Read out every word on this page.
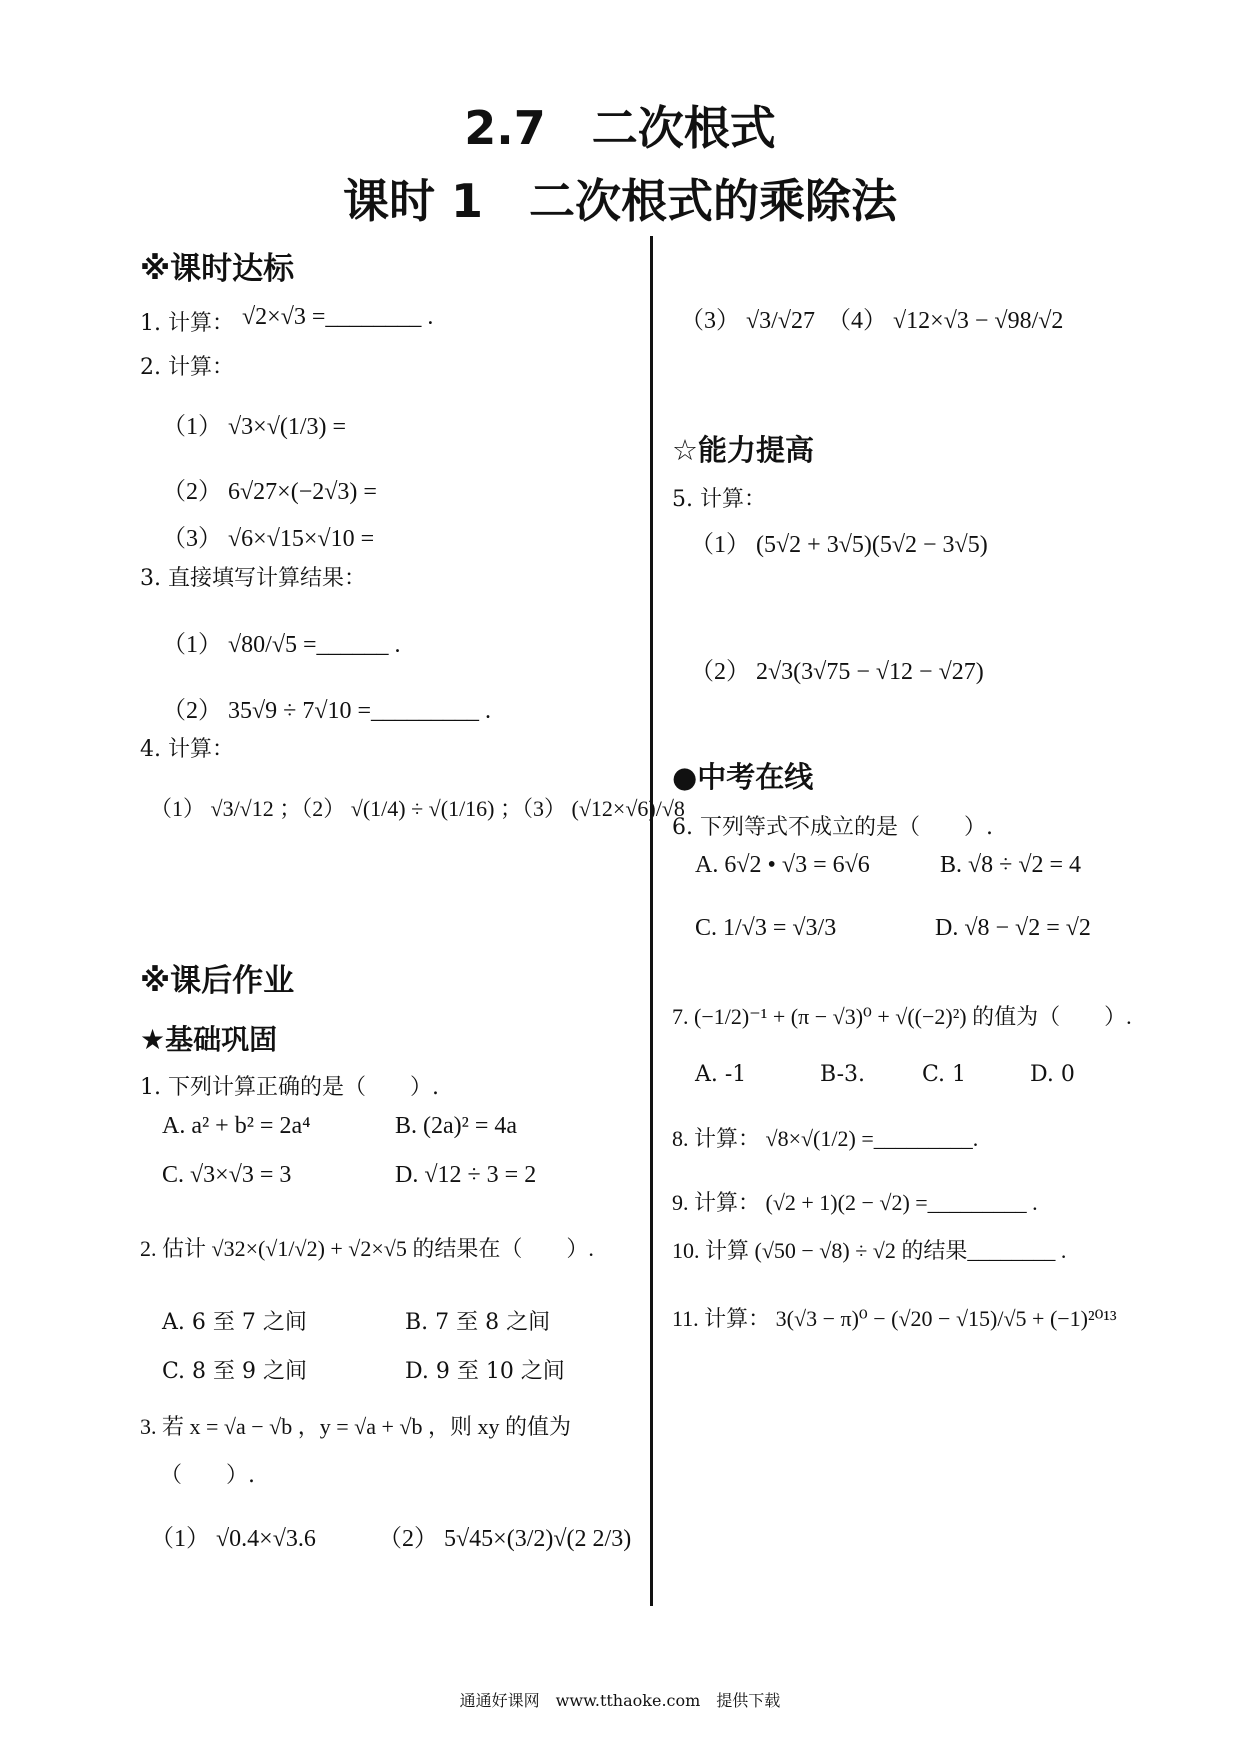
2.7　二次根式
课时 1　二次根式的乘除法
※课时达标
1. 计算： √2×√3 =________ .
2. 计算：
（1） √3×√(1/3) =
（2） 6√27×(−2√3) =
（3） √6×√15×√10 =
3. 直接填写计算结果：
（1） √80/√5 =______ .
（2） 35√9 ÷ 7√10 =_________ .
4. 计算：
（1） √3/√12 ；（2） √(1/4) ÷ √(1/16) ；（3） (√12×√6)/√8
※课后作业
★基础巩固
1. 下列计算正确的是（　　）.
A. a² + b² = 2a⁴	B. (2a)² = 4a
C. √3×√3 = 3	D. √12 ÷ 3 = 2
2. 估计 √32×(√1/√2) + √2×√5 的结果在（　　）.
A. 6 至 7 之间	B. 7 至 8 之间
C. 8 至 9 之间	D. 9 至 10 之间
3. 若 x = √a − √b ，y = √a + √b ，则 xy 的值为
（　　）.
（1） √0.4×√3.6	（2） 5√45×(3/2)√(2 2/3)
（3） √3/√27　（4） √12×√3 − √98/√2
☆能力提高
5. 计算：
（1） (5√2 + 3√5)(5√2 − 3√5)
（2） 2√3(3√75 − √12 − √27)
●中考在线
6. 下列等式不成立的是（　　）.
A. 6√2 • √3 = 6√6	B. √8 ÷ √2 = 4
C. 1/√3 = √3/3	D. √8 − √2 = √2
7. (−1/2)⁻¹ + (π − √3)⁰ + √((−2)²) 的值为（　　）.
A. -1	B-3.	C. 1	D. 0
8. 计算： √8×√(1/2) =_________.
9. 计算： (√2 + 1)(2 − √2) =_________ .
10. 计算 (√50 − √8) ÷ √2 的结果________ .
11. 计算： 3(√3 − π)⁰ − (√20 − √15)/√5 + (−1)²⁰¹³
通通好课网　www.tthaoke.com　提供下载
